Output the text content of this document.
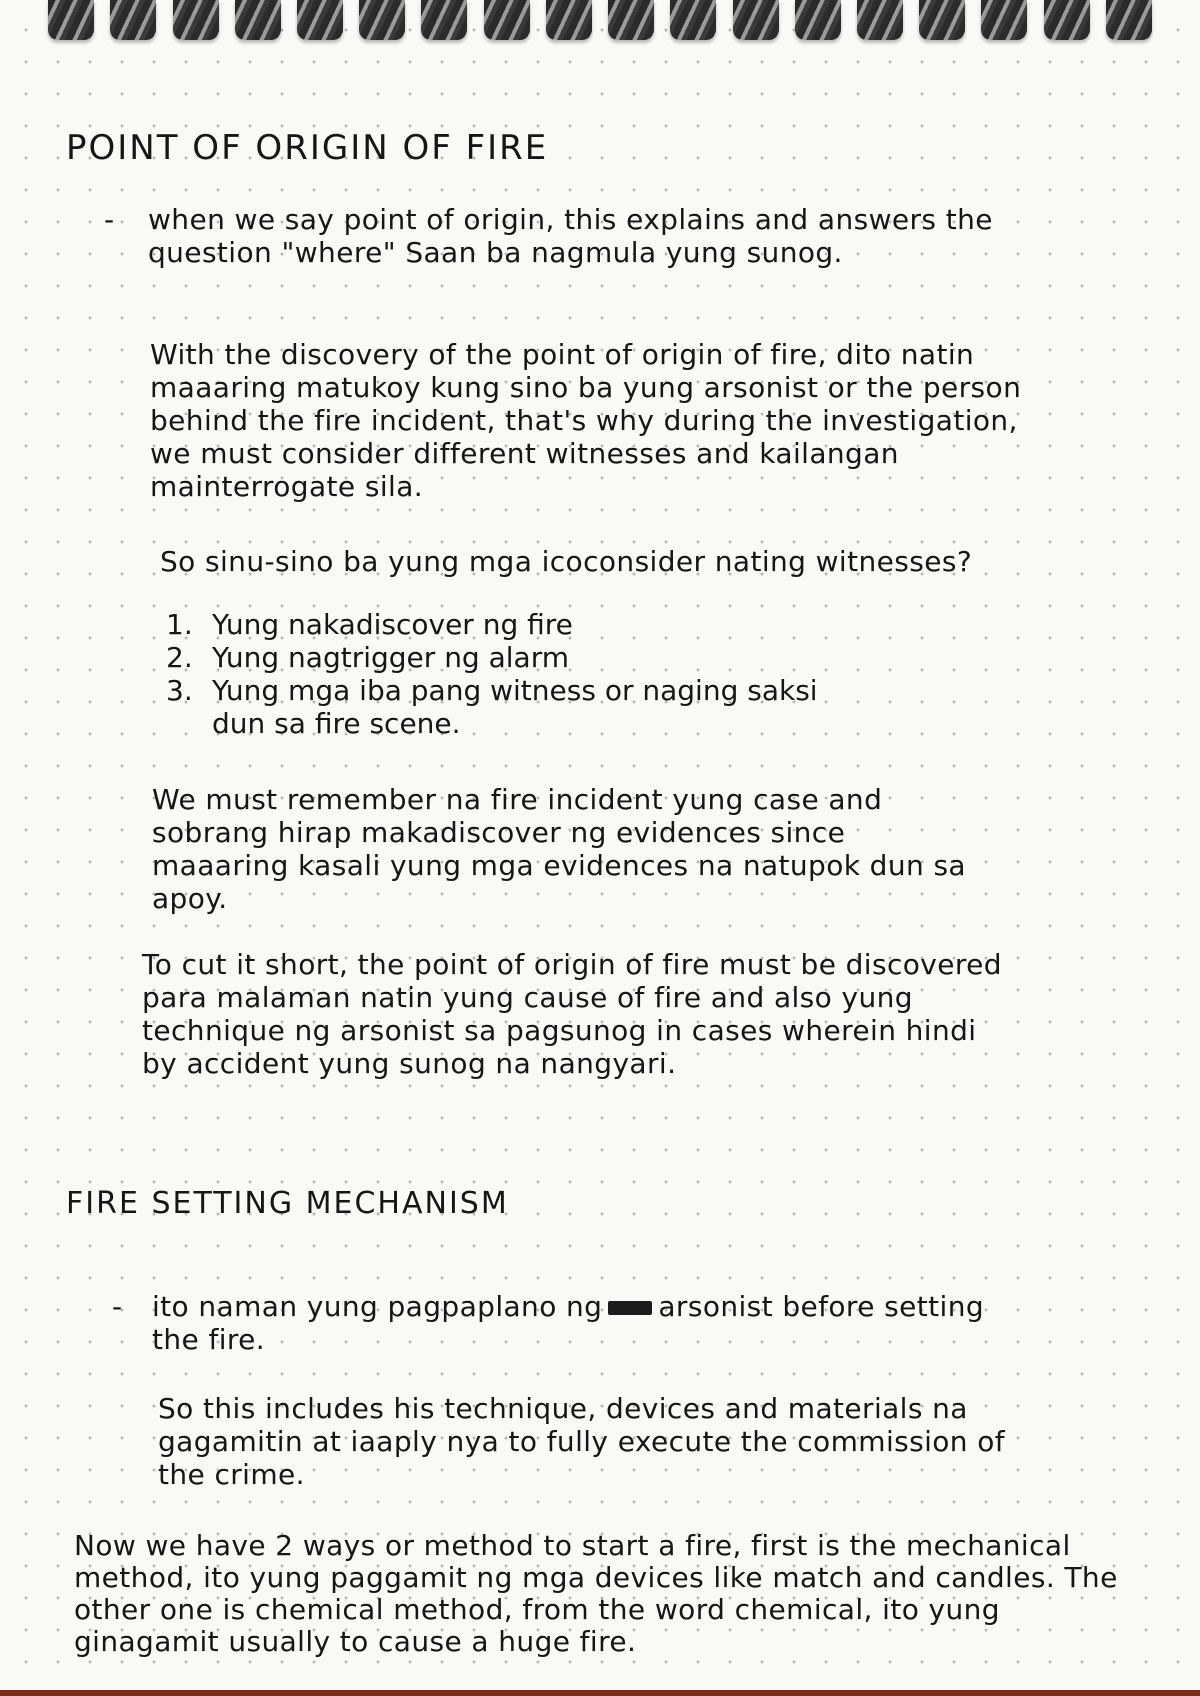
POINT OF ORIGIN OF FIRE

- when we say point of origin, this explains and answers the question "where" Saan ba nagmula yung sunog.

With the discovery of the point of origin of fire, dito natin maaaring matukoy kung sino ba yung arsonist or the person behind the fire incident, that's why during the investigation, we must consider different witnesses and kailangan mainterrogate sila.

So sinu-sino ba yung mga icoconsider nating witnesses?

1. Yung nakadiscover ng fire
2. Yung nagtrigger ng alarm
3. Yung mga iba pang witness or naging saksi dun sa fire scene.

We must remember na fire incident yung case and sobrang hirap makadiscover ng evidences since maaaring kasali yung mga evidences na natupok dun sa apoy.

To cut it short, the point of origin of fire must be discovered para malaman natin yung cause of fire and also yung technique ng arsonist sa pagsunog in cases wherein hindi by accident yung sunog na nangyari.

FIRE SETTING MECHANISM

- ito naman yung pagpaplano ng arsonist before setting the fire.

So this includes his technique, devices and materials na gagamitin at iaaply nya to fully execute the commission of the crime.

Now we have 2 ways or method to start a fire, first is the mechanical method, ito yung paggamit ng mga devices like match and candles. The other one is chemical method, from the word chemical, ito yung ginagamit usually to cause a huge fire.
